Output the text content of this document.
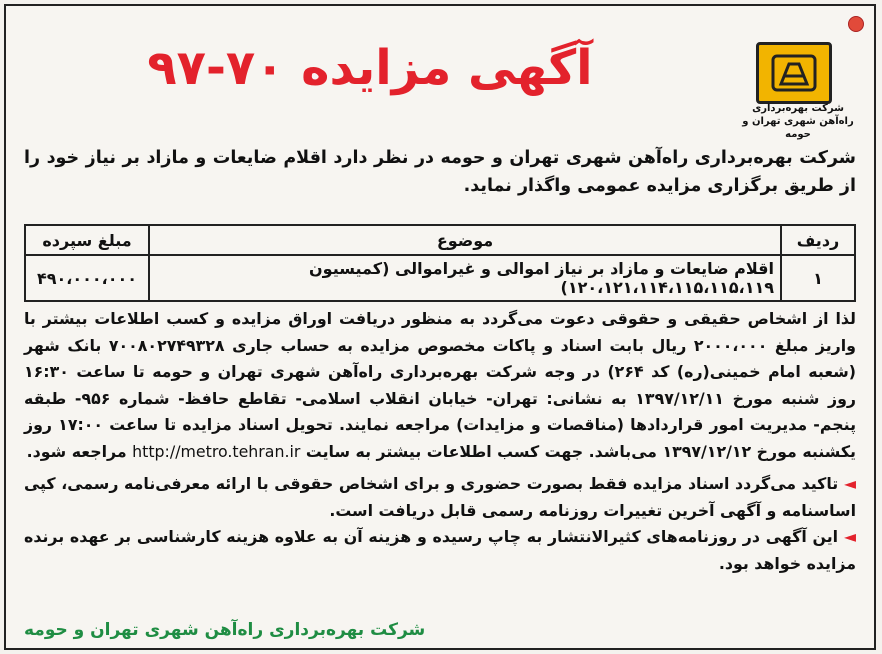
شرکت بهره‌برداری
راه‌آهن شهری تهران و حومه
آگهی مزایده ۷۰-۹۷
شرکت بهره‌برداری راه‌آهن شهری تهران و حومه در نظر دارد اقلام ضایعات و مازاد بر نیاز خود را از طریق برگزاری مزایده عمومی واگذار نماید.
ردیف	موضوع	مبلغ سپرده
۱	اقلام ضایعات و مازاد بر نیاز اموالی و غیراموالی (کمیسیون ۱۲۰،۱۲۱،۱۱۴،۱۱۵،۱۱۵،۱۱۹)	۴۹۰،۰۰۰،۰۰۰
لذا از اشخاص حقیقی و حقوقی دعوت می‌گردد به منظور دریافت اوراق مزایده و کسب اطلاعات بیشتر با واریز مبلغ ۲۰۰۰،۰۰۰ ریال بابت اسناد و پاکات مخصوص مزایده به حساب جاری ۷۰۰۸۰۲۷۴۹۳۲۸ بانک شهر (شعبه امام خمینی(ره) کد ۲۶۴) در وجه شرکت بهره‌برداری راه‌آهن شهری تهران و حومه تا ساعت ۱۶:۳۰ روز شنبه مورخ ۱۳۹۷/۱۲/۱۱ به نشانی: تهران- خیابان انقلاب اسلامی- تقاطع حافظ- شماره ۹۵۶- طبقه پنجم- مدیریت امور قراردادها (مناقصات و مزایدات) مراجعه نمایند. تحویل اسناد مزایده تا ساعت ۱۷:۰۰ روز یکشنبه مورخ ۱۳۹۷/۱۲/۱۲ می‌باشد. جهت کسب اطلاعات بیشتر به سایت http://metro.tehran.ir مراجعه شود.
◄ تاکید می‌گردد اسناد مزایده فقط بصورت حضوری و برای اشخاص حقوقی با ارائه معرفی‌نامه رسمی، کپی اساسنامه و آگهی آخرین تغییرات روزنامه رسمی قابل دریافت است.
◄ این آگهی در روزنامه‌های کثیرالانتشار به چاپ رسیده و هزینه آن به علاوه هزینه کارشناسی بر عهده برنده مزایده خواهد بود.
شرکت بهره‌برداری راه‌آهن شهری تهران و حومه
